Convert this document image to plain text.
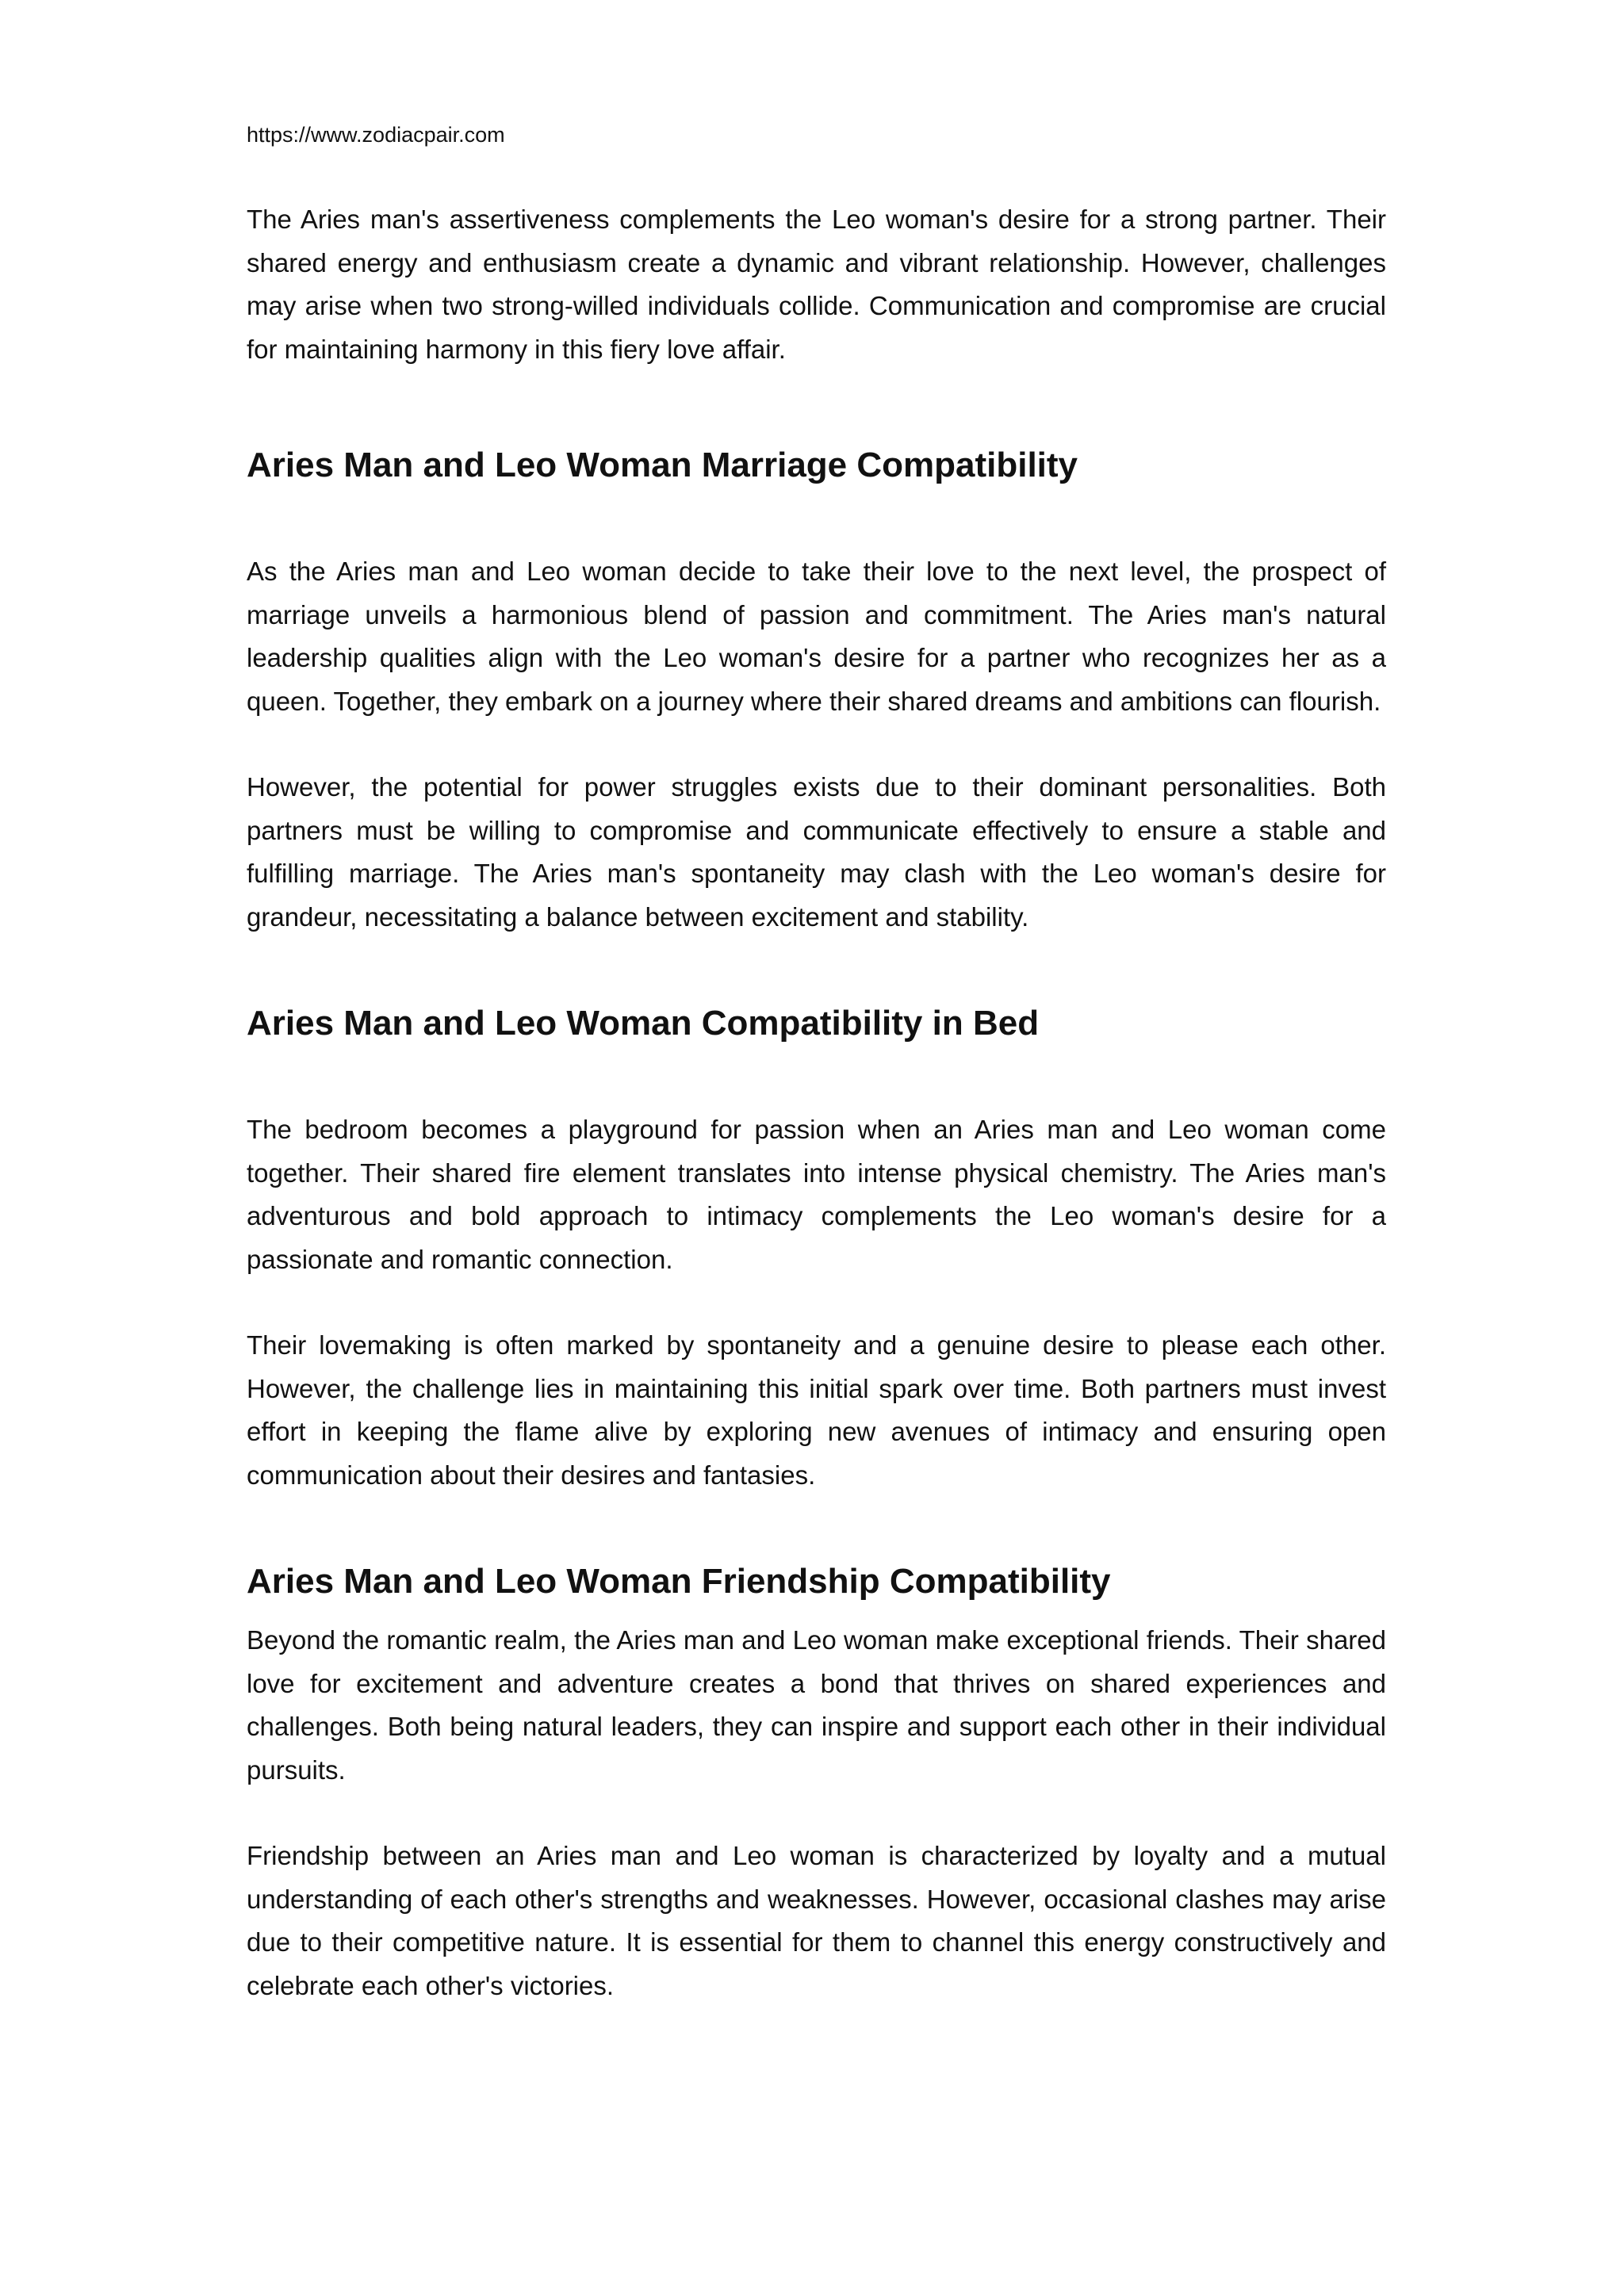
https://www.zodiacpair.com

The Aries man's assertiveness complements the Leo woman's desire for a strong partner. Their shared energy and enthusiasm create a dynamic and vibrant relationship. However, challenges may arise when two strong-willed individuals collide. Communication and compromise are crucial for maintaining harmony in this fiery love affair.

Aries Man and Leo Woman Marriage Compatibility

As the Aries man and Leo woman decide to take their love to the next level, the prospect of marriage unveils a harmonious blend of passion and commitment. The Aries man's natural leadership qualities align with the Leo woman's desire for a partner who recognizes her as a queen. Together, they embark on a journey where their shared dreams and ambitions can flourish.

However, the potential for power struggles exists due to their dominant personalities. Both partners must be willing to compromise and communicate effectively to ensure a stable and fulfilling marriage. The Aries man's spontaneity may clash with the Leo woman's desire for grandeur, necessitating a balance between excitement and stability.

Aries Man and Leo Woman Compatibility in Bed

The bedroom becomes a playground for passion when an Aries man and Leo woman come together. Their shared fire element translates into intense physical chemistry. The Aries man's adventurous and bold approach to intimacy complements the Leo woman's desire for a passionate and romantic connection.

Their lovemaking is often marked by spontaneity and a genuine desire to please each other. However, the challenge lies in maintaining this initial spark over time. Both partners must invest effort in keeping the flame alive by exploring new avenues of intimacy and ensuring open communication about their desires and fantasies.

Aries Man and Leo Woman Friendship Compatibility

Beyond the romantic realm, the Aries man and Leo woman make exceptional friends. Their shared love for excitement and adventure creates a bond that thrives on shared experiences and challenges. Both being natural leaders, they can inspire and support each other in their individual pursuits.

Friendship between an Aries man and Leo woman is characterized by loyalty and a mutual understanding of each other's strengths and weaknesses. However, occasional clashes may arise due to their competitive nature. It is essential for them to channel this energy constructively and celebrate each other's victories.
